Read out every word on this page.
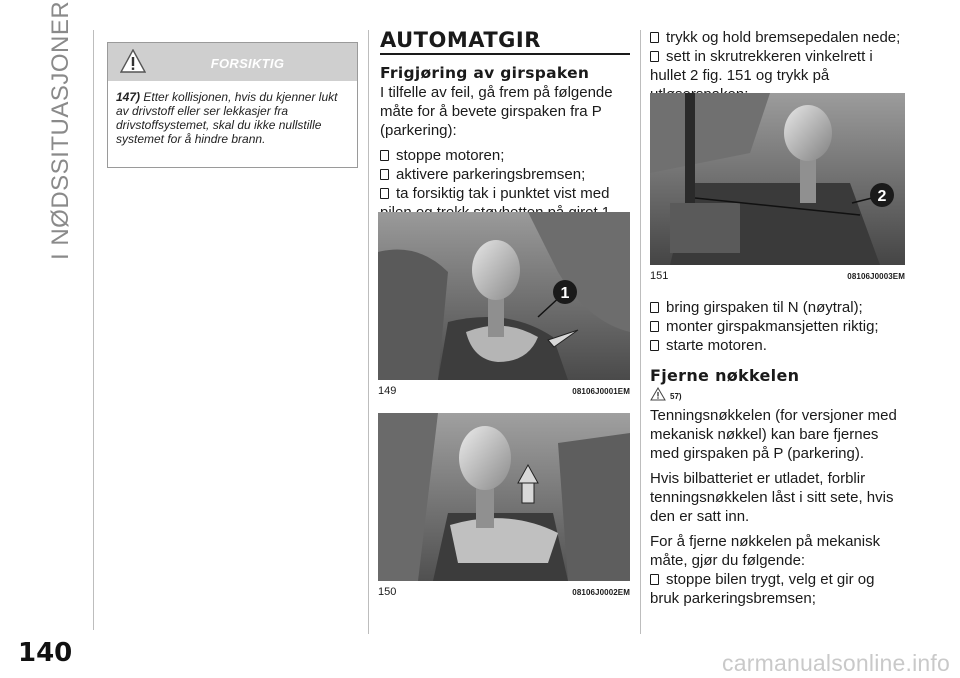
I NØDSSITUASJONER	FORSIKTIG
147) Etter kollisjonen, hvis du kjenner lukt av drivstoff eller ser lekkasjer fra drivstoffsystemet, skal du ikke nullstille systemet for å hindre brann.
AUTOMATGIR
Frigjøring av girspaken

I tilfelle av feil, gå frem på følgende måte for å bevete girspaken fra P (parkering):

stoppe motoren;
aktivere parkeringsbremsen;
ta forsiktig tak i punktet vist med
1
149	08106J0001EM
150	08106J0002EM
trykk og hold bremsepedalen nede;
sett in skrutrekkeren vinkelrett i hullet 2 fig. 151 og trykk på
2
151	08106J0003EM
bring girspaken til N (nøytral);
monter girspakmansjetten riktig;
starte motoren.
Fjerne nøkkelen
57)

Tenningsnøkkelen (for versjoner med mekanisk nøkkel) kan bare fjernes med girspaken på P (parkering).

Hvis bilbatteriet er utladet, forblir tenningsnøkkelen låst i sitt sete, hvis den er satt inn.

For å fjerne nøkkelen på mekanisk måte, gjør du følgende:

stoppe bilen trygt, velg et gir og bruk parkeringsbremsen;
140	carmanualsonline.info
